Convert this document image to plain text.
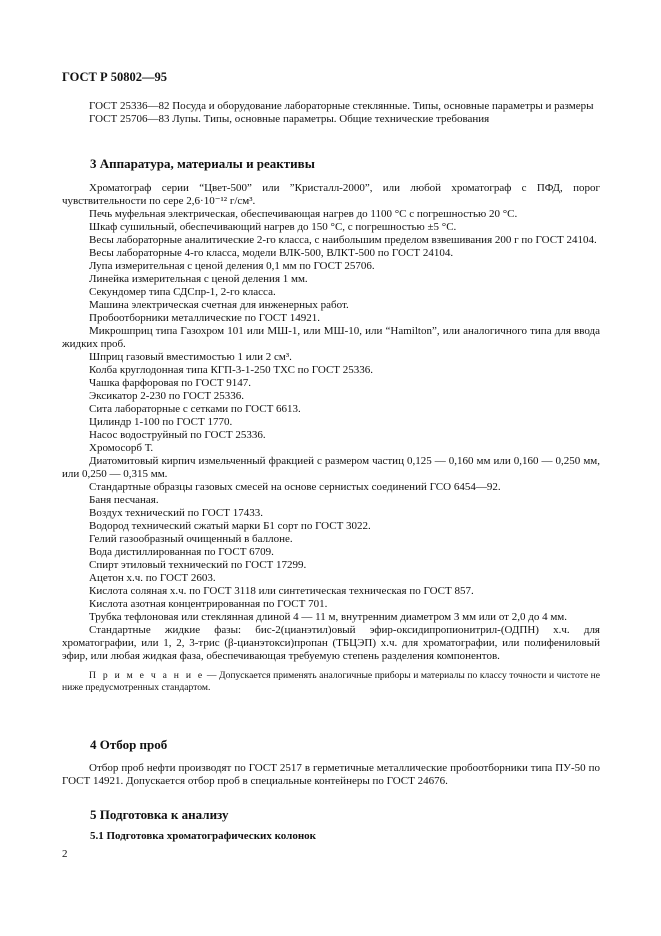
ГОСТ Р 50802—95

ГОСТ 25336—82 Посуда и оборудование лабораторные стеклянные. Типы, основные параметры и размеры

ГОСТ 25706—83 Лупы. Типы, основные параметры. Общие технические требования

3 Аппаратура, материалы и реактивы

Хроматограф серии “Цвет-500” или ”Кристалл-2000”, или любой хроматограф с ПФД, порог чувствительности по сере 2,6·10⁻¹² г/см³.

Печь муфельная электрическая, обеспечивающая нагрев до 1100 °С с погрешностью 20 °С.

Шкаф сушильный, обеспечивающий нагрев до 150 °С, с погрешностью ±5 °С.

Весы лабораторные аналитические 2-го класса, с наибольшим пределом взвешивания 200 г по ГОСТ 24104.

Весы лабораторные 4-го класса, модели ВЛК-500, ВЛКТ-500 по ГОСТ 24104.

Лупа измерительная с ценой деления 0,1 мм по ГОСТ 25706.

Линейка измерительная с ценой деления 1 мм.

Секундомер типа СДСпр-1, 2-го класса.

Машина электрическая счетная для инженерных работ.

Пробоотборники металлические по ГОСТ 14921.

Микрошприц типа Газохром 101 или МШ-1, или МШ-10, или “Hamilton”, или аналогичного типа для ввода жидких проб.

Шприц газовый вместимостью 1 или 2 см³.

Колба круглодонная типа КГП-3-1-250 ТХС по ГОСТ 25336.

Чашка фарфоровая по ГОСТ 9147.

Эксикатор 2-230 по ГОСТ 25336.

Сита лабораторные с сетками по ГОСТ 6613.

Цилиндр 1-100 по ГОСТ 1770.

Насос водоструйный по ГОСТ 25336.

Хромосорб Т.

Диатомитовый кирпич измельченный фракцией с размером частиц 0,125 — 0,160 мм или 0,160 — 0,250 мм, или 0,250 — 0,315 мм.

Стандартные образцы газовых смесей на основе сернистых соединений ГСО 6454—92.

Баня песчаная.

Воздух технический по ГОСТ 17433.

Водород технический сжатый марки Б1 сорт по ГОСТ 3022.

Гелий газообразный очищенный в баллоне.

Вода дистиллированная по ГОСТ 6709.

Спирт этиловый технический по ГОСТ 17299.

Ацетон х.ч. по ГОСТ 2603.

Кислота соляная х.ч. по ГОСТ 3118 или синтетическая техническая по ГОСТ 857.

Кислота азотная концентрированная по ГОСТ 701.

Трубка тефлоновая или стеклянная длиной 4 — 11 м, внутренним диаметром 3 мм или от 2,0 до 4 мм.

Стандартные жидкие фазы: бис-2(цианэтил)овый эфир-оксидипропионитрил-(ОДПН) х.ч. для хроматографии, или 1, 2, 3-трис (β-цианэтокси)пропан (ТБЦЭП) х.ч. для хроматографии, или полифениловый эфир, или любая жидкая фаза, обеспечивающая требуемую степень разделения компонентов.

П р и м е ч а н и е — Допускается применять аналогичные приборы и материалы по классу точности и чистоте не ниже предусмотренных стандартом.

4 Отбор проб

Отбор проб нефти производят по ГОСТ 2517 в герметичные металлические пробоотборники типа ПУ-50 по ГОСТ 14921. Допускается отбор проб в специальные контейнеры по ГОСТ 24676.

5 Подготовка к анализу
5.1 Подготовка хроматографических колонок
2
